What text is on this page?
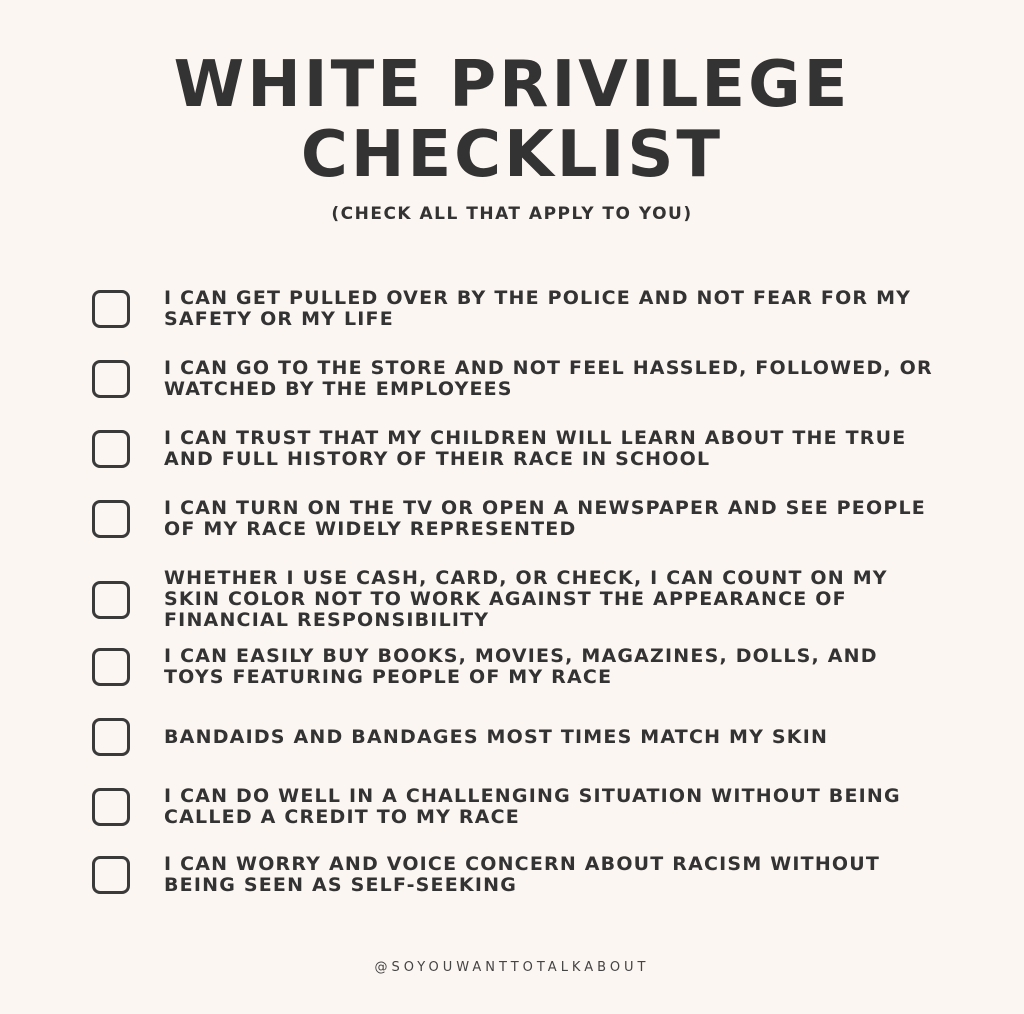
WHITE PRIVILEGE
CHECKLIST
(CHECK ALL THAT APPLY TO YOU)
I CAN GET PULLED OVER BY THE POLICE AND NOT FEAR FOR MY SAFETY OR MY LIFE
I CAN GO TO THE STORE AND NOT FEEL HASSLED, FOLLOWED, OR WATCHED BY THE EMPLOYEES
I CAN TRUST THAT MY CHILDREN WILL LEARN ABOUT THE TRUE AND FULL HISTORY OF THEIR RACE IN SCHOOL
I CAN TURN ON THE TV OR OPEN A NEWSPAPER AND SEE PEOPLE OF MY RACE WIDELY REPRESENTED
WHETHER I USE CASH, CARD, OR CHECK, I CAN COUNT ON MY SKIN COLOR NOT TO WORK AGAINST THE APPEARANCE OF FINANCIAL RESPONSIBILITY
I CAN EASILY BUY BOOKS, MOVIES, MAGAZINES, DOLLS, AND TOYS FEATURING PEOPLE OF MY RACE
BANDAIDS AND BANDAGES MOST TIMES MATCH MY SKIN
I CAN DO WELL IN A CHALLENGING SITUATION WITHOUT BEING CALLED A CREDIT TO MY RACE
I CAN WORRY AND VOICE CONCERN ABOUT RACISM WITHOUT BEING SEEN AS SELF-SEEKING
@SOYOUWANTTOTALKABOUT
